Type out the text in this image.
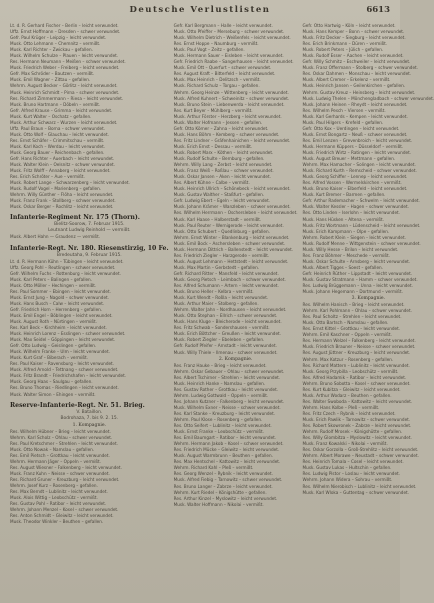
Deutsche Verlustlisten	6613
Lt. d. R. Gerhard Fischer – Berlin – leicht verwundet.
Uffz. Ernst Hoffmann – Dresden – schwer verwundet.
Gefr. Paul Krüger – Leipzig – leicht verwundet.
Musk. Otto Lehmann – Chemnitz – vermißt.
Musk. Karl Richter – Zwickau – gefallen.
Musk. Wilhelm Schulze – Plauen – leicht verwundet.
Res. Hermann Neumann – Meißen – schwer verwundet.
Musk. Friedrich Weber – Freiberg – leicht verwundet.
Gefr. Max Schröder – Bautzen – vermißt.
Musk. Emil Wagner – Zittau – gefallen.
Wehrm. August Becker – Görlitz – leicht verwundet.
Musk. Heinrich Schmidt – Pirna – schwer verwundet.
Res. Richard Zimmermann – Riesa – leicht verwundet.
Musk. Bruno Hartmann – Döbeln – vermißt.
Gefr. Alfred Krause – Grimma – leicht verwundet.
Musk. Kurt Walter – Oschatz – gefallen.
Musk. Arthur Schwarz – Wurzen – leicht verwundet.
Uffz. Paul Braun – Borna – schwer verwundet.
Musk. Otto Wolf – Glauchau – leicht verwundet.
Res. Ernst Schäfer – Crimmitschau – vermißt.
Musk. Karl Koch – Werdau – leicht verwundet.
Musk. Georg Bauer – Reichenbach – gefallen.
Gefr. Hans Richter – Auerbach – leicht verwundet.
Musk. Walter Klein – Oelsnitz – schwer verwundet.
Musk. Fritz Wolff – Annaberg – leicht verwundet.
Res. Erich Schröter – Aue – vermißt.
Musk. Robert Lange – Schwarzenberg – leicht verwundet.
Musk. Rudolf Vogel – Marienberg – gefallen.
Wehrm. Willy Günther – Flöha – leicht verwundet.
Musk. Franz Frank – Stollberg – schwer verwundet.
Musk. Oskar Berger – Rochlitz – leicht verwundet.
Infanterie-Regiment Nr. 175 (Thorn).
Bielitz-Soorow, 7. Februar 1915.
Leutnant Ludwig Reinhold — vermißt.
Musk. Albert Hahn — Graudenz — vermißt.
Infanterie-Regt. Nr. 180. Riesenstirzig, 10 Fe.
Bredeutaha, 9. Februar 1915.
Lt. d. R. Hermann Kühn – Tübingen – leicht verwundet.
Uffz. Georg Pohl – Reutlingen – schwer verwundet.
Gefr. Wilhelm Fuchs – Rottenburg – leicht verwundet.
Musk. Karl Peters – Balingen – gefallen.
Musk. Otto Möller – Hechingen – vermißt.
Res. Paul Sommer – Ebingen – leicht verwundet.
Musk. Ernst Jung – Nagold – schwer verwundet.
Musk. Hans Busch – Calw – leicht verwundet.
Gefr. Friedrich Horn – Herrenberg – gefallen.
Musk. Emil Engel – Böblingen – leicht verwundet.
Musk. August Roth – Nürtingen – vermißt.
Res. Karl Beck – Kirchheim – leicht verwundet.
Musk. Heinrich Lorenz – Esslingen – schwer verwundet.
Musk. Max Seidel – Göppingen – leicht verwundet.
Gefr. Otto Ludwig – Geislingen – gefallen.
Musk. Wilhelm Franke – Ulm – leicht verwundet.
Musk. Kurt Graf – Biberach – vermißt.
Res. Paul Kaiser – Ravensburg – leicht verwundet.
Musk. Alfred Arnold – Tettnang – schwer verwundet.
Musk. Fritz Brandt – Friedrichshafen – leicht verwundet.
Musk. Georg Haas – Saulgau – gefallen.
Res. Bruno Thomas – Riedlingen – leicht verwundet.
Musk. Walter Simon – Ehingen – vermißt.
Reserve-Infanterie-Regt. Nr. 51. Brieg.
V. Bataillon.
Bodrohaza, 7. bis 9. 2. 15.
1. Kompagnie.
Res. Wilhelm Hübner – Brieg – leicht verwundet.
Wehrm. Karl Scholz – Ohlau – schwer verwundet.
Res. Paul Kretschmer – Strehlen – leicht verwundet.
Musk. Otto Nowak – Namslau – gefallen.
Res. Emil Pietsch – Grottkau – leicht verwundet.
Wehrm. Hermann Jäger – Oppeln – vermißt.
Res. August Wiesner – Falkenberg – leicht verwundet.
Musk. Franz Kuhn – Neisse – schwer verwundet.
Res. Richard Gruner – Kreuzburg – leicht verwundet.
Wehrm. Josef Kurz – Rosenberg – gefallen.
Res. Max Berndt – Lublinitz – leicht verwundet.
Musk. Alois Wittig – Leobschütz – vermißt.
Res. Gustav Pohl – Ratibor – leicht verwundet.
Wehrm. Johann Menzel – Kosel – schwer verwundet.
Res. Anton Schmidt – Gleiwitz – leicht verwundet.
Musk. Theodor Winkler – Beuthen – gefallen.
Gefr. Karl Bergmann – Halle – leicht verwundet.
Musk. Otto Pfeiffer – Merseburg – schwer verwundet.
Musk. Wilhelm Dietrich – Weißenfels – leicht verwundet.
Res. Ernst Hoppe – Naumburg – vermißt.
Musk. Paul Vogt – Zeitz – gefallen.
Musk. Hermann Sauer – Eisleben – leicht verwundet.
Gefr. Friedrich Raabe – Sangerhausen – leicht verwundet.
Musk. Emil Ott – Querfurt – schwer verwundet.
Res. August Kraft – Bitterfeld – leicht verwundet.
Musk. Max Heinrich – Delitzsch – vermißt.
Musk. Richard Schulz – Torgau – gefallen.
Wehrm. Georg Heinze – Wittenberg – leicht verwundet.
Musk. Alfred Kuhnert – Schweinitz – schwer verwundet.
Musk. Bruno Stein – Liebenwerda – leicht verwundet.
Res. Kurt Beyer – Mühlberg – vermißt.
Musk. Arthur Förster – Herzberg – leicht verwundet.
Musk. Walter Hofmann – Jessen – gefallen.
Gefr. Otto Körner – Zahna – leicht verwundet.
Musk. Hans Böhm – Kemberg – schwer verwundet.
Res. Fritz Lindner – Gräfenhainichen – leicht verwundet.
Musk. Erich Ernst – Dessau – vermißt.
Musk. Robert Marx – Köthen – leicht verwundet.
Musk. Rudolf Schulte – Bernburg – gefallen.
Wehrm. Willy Lang – Zerbst – leicht verwundet.
Musk. Franz Weiß – Roßlau – schwer verwundet.
Musk. Oskar Jansen – Aken – leicht verwundet.
Res. Albert Kühne – Calbe – vermißt.
Musk. Heinrich Ullrich – Schönebeck – leicht verwundet.
Musk. Gustav Walther – Staßfurt – gefallen.
Gefr. Ludwig Ebert – Egeln – leicht verwundet.
Musk. Johann Krämer – Wanzleben – schwer verwundet.
Res. Wilhelm Herrmann – Oschersleben – leicht verwundet.
Musk. Karl Haase – Halberstadt – vermißt.
Musk. Paul Reuter – Wernigerode – leicht verwundet.
Musk. Otto Schubert – Quedlinburg – gefallen.
Wehrm. Ernst Winter – Blankenburg – leicht verwundet.
Musk. Emil Bock – Aschersleben – schwer verwundet.
Musk. Hermann Dittrich – Ballenstedt – leicht verwundet.
Res. Friedrich Ziegler – Harzgerode – vermißt.
Musk. August Lehmann – Hettstedt – leicht verwundet.
Musk. Max Martin – Gerbstedt – gefallen.
Gefr. Richard Ritter – Mansfeld – leicht verwundet.
Musk. Georg Pietsch – Leimbach – schwer verwundet.
Res. Alfred Schumann – Artern – leicht verwundet.
Musk. Bruno Heller – Kelbra – vermißt.
Musk. Kurt Wendt – Roßla – leicht verwundet.
Musk. Arthur Maier – Stolberg – gefallen.
Wehrm. Walter Jahn – Nordhausen – leicht verwundet.
Musk. Otto Stephan – Ellrich – schwer verwundet.
Musk. Hans Kluge – Bleicherode – leicht verwundet.
Res. Fritz Schwab – Sondershausen – vermißt.
Musk. Erich Böttcher – Greußen – leicht verwundet.
Musk. Robert Ziegler – Ebeleben – gefallen.
Gefr. Rudolf Pfeifer – Arnstadt – leicht verwundet.
Musk. Willy Thiele – Ilmenau – schwer verwundet.
2. Kompagnie.
Res. Franz Hauke – Brieg – leicht verwundet.
Wehrm. Oskar Gebauer – Ohlau – schwer verwundet.
Res. Albert Tschirner – Strehlen – leicht verwundet.
Musk. Heinrich Hanke – Namslau – gefallen.
Res. Gustav Rother – Grottkau – leicht verwundet.
Wehrm. Ludwig Gottwald – Oppeln – vermißt.
Res. Johann Kutzner – Falkenberg – leicht verwundet.
Musk. Wilhelm Exner – Neisse – schwer verwundet.
Res. Karl Stanke – Kreuzburg – leicht verwundet.
Wehrm. Paul Klose – Rosenberg – gefallen.
Res. Otto Seifert – Lublinitz – leicht verwundet.
Musk. Ernst Franke – Leobschütz – vermißt.
Res. Emil Baumgart – Ratibor – leicht verwundet.
Wehrm. Hermann Jakob – Kosel – schwer verwundet.
Res. Friedrich Mücke – Gleiwitz – leicht verwundet.
Musk. August Warmbrunn – Beuthen – gefallen.
Res. Max Hentschel – Kattowitz – leicht verwundet.
Wehrm. Richard Kahl – Pleß – vermißt.
Res. Georg Wenzel – Rybnik – leicht verwundet.
Musk. Alfred Fiebig – Tarnowitz – schwer verwundet.
Res. Bruno Langer – Zabrze – leicht verwundet.
Wehrm. Kurt Riedel – Königshütte – gefallen.
Res. Arthur Kinzel – Myslowitz – leicht verwundet.
Musk. Walter Hoffmann – Nikolai – vermißt.
Gefr. Otto Hartwig – Köln – leicht verwundet.
Musk. Hans Kemper – Bonn – schwer verwundet.
Musk. Fritz Decker – Siegburg – leicht verwundet.
Res. Erich Brinkmann – Düren – vermißt.
Musk. Robert Peters – Jülich – gefallen.
Musk. Rudolf Esser – Aachen – leicht verwundet.
Gefr. Willy Schmitz – Eschweiler – leicht verwundet.
Musk. Franz Offermann – Stolberg – schwer verwundet.
Res. Oskar Dahmen – Monschau – leicht verwundet.
Musk. Albert Cremer – Erkelenz – vermißt.
Musk. Heinrich Jansen – Geilenkirchen – gefallen.
Wehrm. Gustav Kreuz – Heinsberg – leicht verwundet.
Musk. Ludwig Thelen – Mönchengladbach – schwer verwundet.
Musk. Johann Heinen – Rheydt – leicht verwundet.
Res. Wilhelm Pesch – Viersen – vermißt.
Musk. Karl Gerhards – Kempen – leicht verwundet.
Musk. Paul Hilgers – Krefeld – gefallen.
Gefr. Otto Kox – Uerdingen – leicht verwundet.
Musk. Ernst Bongartz – Neuß – schwer verwundet.
Res. Emil Lenzen – Grevenbroich – leicht verwundet.
Musk. Hermann Küppers – Düsseldorf – vermißt.
Musk. Friedrich Wirtz – Ratingen – leicht verwundet.
Musk. August Breuer – Mettmann – gefallen.
Wehrm. Max Hamacher – Solingen – leicht verwundet.
Musk. Richard Kurth – Remscheid – schwer verwundet.
Musk. Georg Schiffer – Lennep – leicht verwundet.
Res. Alfred Vossen – Wermelskirchen – vermißt.
Musk. Bruno Kaiser – Elberfeld – leicht verwundet.
Musk. Kurt Bremer – Barmen – gefallen.
Gefr. Arthur Rademacher – Schwelm – leicht verwundet.
Musk. Walter Kessler – Hagen – schwer verwundet.
Res. Otto Linden – Iserlohn – leicht verwundet.
Musk. Hans Hüsken – Altena – vermißt.
Musk. Fritz Wortmann – Lüdenscheid – leicht verwundet.
Musk. Erich Kampmann – Olpe – gefallen.
Wehrm. Robert Klein – Siegen – leicht verwundet.
Musk. Rudolf Menne – Wittgenstein – schwer verwundet.
Musk. Willy Hesse – Brilon – leicht verwundet.
Res. Franz Böhmer – Meschede – vermißt.
Musk. Oskar Schulte – Arnsberg – leicht verwundet.
Musk. Albert Tigges – Soest – gefallen.
Gefr. Heinrich Rüther – Lippstadt – leicht verwundet.
Musk. Gustav Stratmann – Hamm – schwer verwundet.
Res. Ludwig Brüggemann – Unna – leicht verwundet.
Musk. Johann Hegemann – Dortmund – vermißt.
3. Kompagnie.
Res. Wilhelm Hanisch – Brieg – leicht verwundet.
Wehrm. Karl Pohlmann – Ohlau – schwer verwundet.
Res. Paul Scholtz – Strehlen – leicht verwundet.
Musk. Otto Bartsch – Namslau – gefallen.
Res. Ernst Kittel – Grottkau – leicht verwundet.
Wehrm. Emil Kaschner – Oppeln – vermißt.
Res. Hermann Welzel – Falkenberg – leicht verwundet.
Musk. Friedrich Brauner – Neisse – schwer verwundet.
Res. August Jüttner – Kreuzburg – leicht verwundet.
Wehrm. Max Kotzur – Rosenberg – gefallen.
Res. Richard Mattern – Lublinitz – leicht verwundet.
Musk. Georg Przybilla – Leobschütz – vermißt.
Res. Alfred Hadamik – Ratibor – leicht verwundet.
Wehrm. Bruno Sobotta – Kosel – schwer verwundet.
Res. Kurt Kubitza – Gleiwitz – leicht verwundet.
Musk. Arthur Wodarz – Beuthen – gefallen.
Res. Walter Swoboda – Kattowitz – leicht verwundet.
Wehrm. Hans Kolbe – Pleß – vermißt.
Res. Fritz Czech – Rybnik – leicht verwundet.
Musk. Erich Pawlik – Tarnowitz – schwer verwundet.
Res. Robert Skowronek – Zabrze – leicht verwundet.
Wehrm. Rudolf Mrosek – Königshütte – gefallen.
Res. Willy Glombitza – Myslowitz – leicht verwundet.
Musk. Franz Kowalski – Nikolai – vermißt.
Res. Oskar Gorzolla – Groß-Strehlitz – leicht verwundet.
Wehrm. Albert Morawe – Neustadt – schwer verwundet.
Res. Heinrich Tomala – Cosel – leicht verwundet.
Musk. Gustav Lukas – Hultschin – gefallen.
Res. Ludwig Pistor – Loslau – leicht verwundet.
Wehrm. Johann Widera – Sohrau – vermißt.
Res. Wilhelm Nierobisch – Lublinitz – leicht verwundet.
Musk. Karl Wloka – Guttentag – schwer verwundet.
